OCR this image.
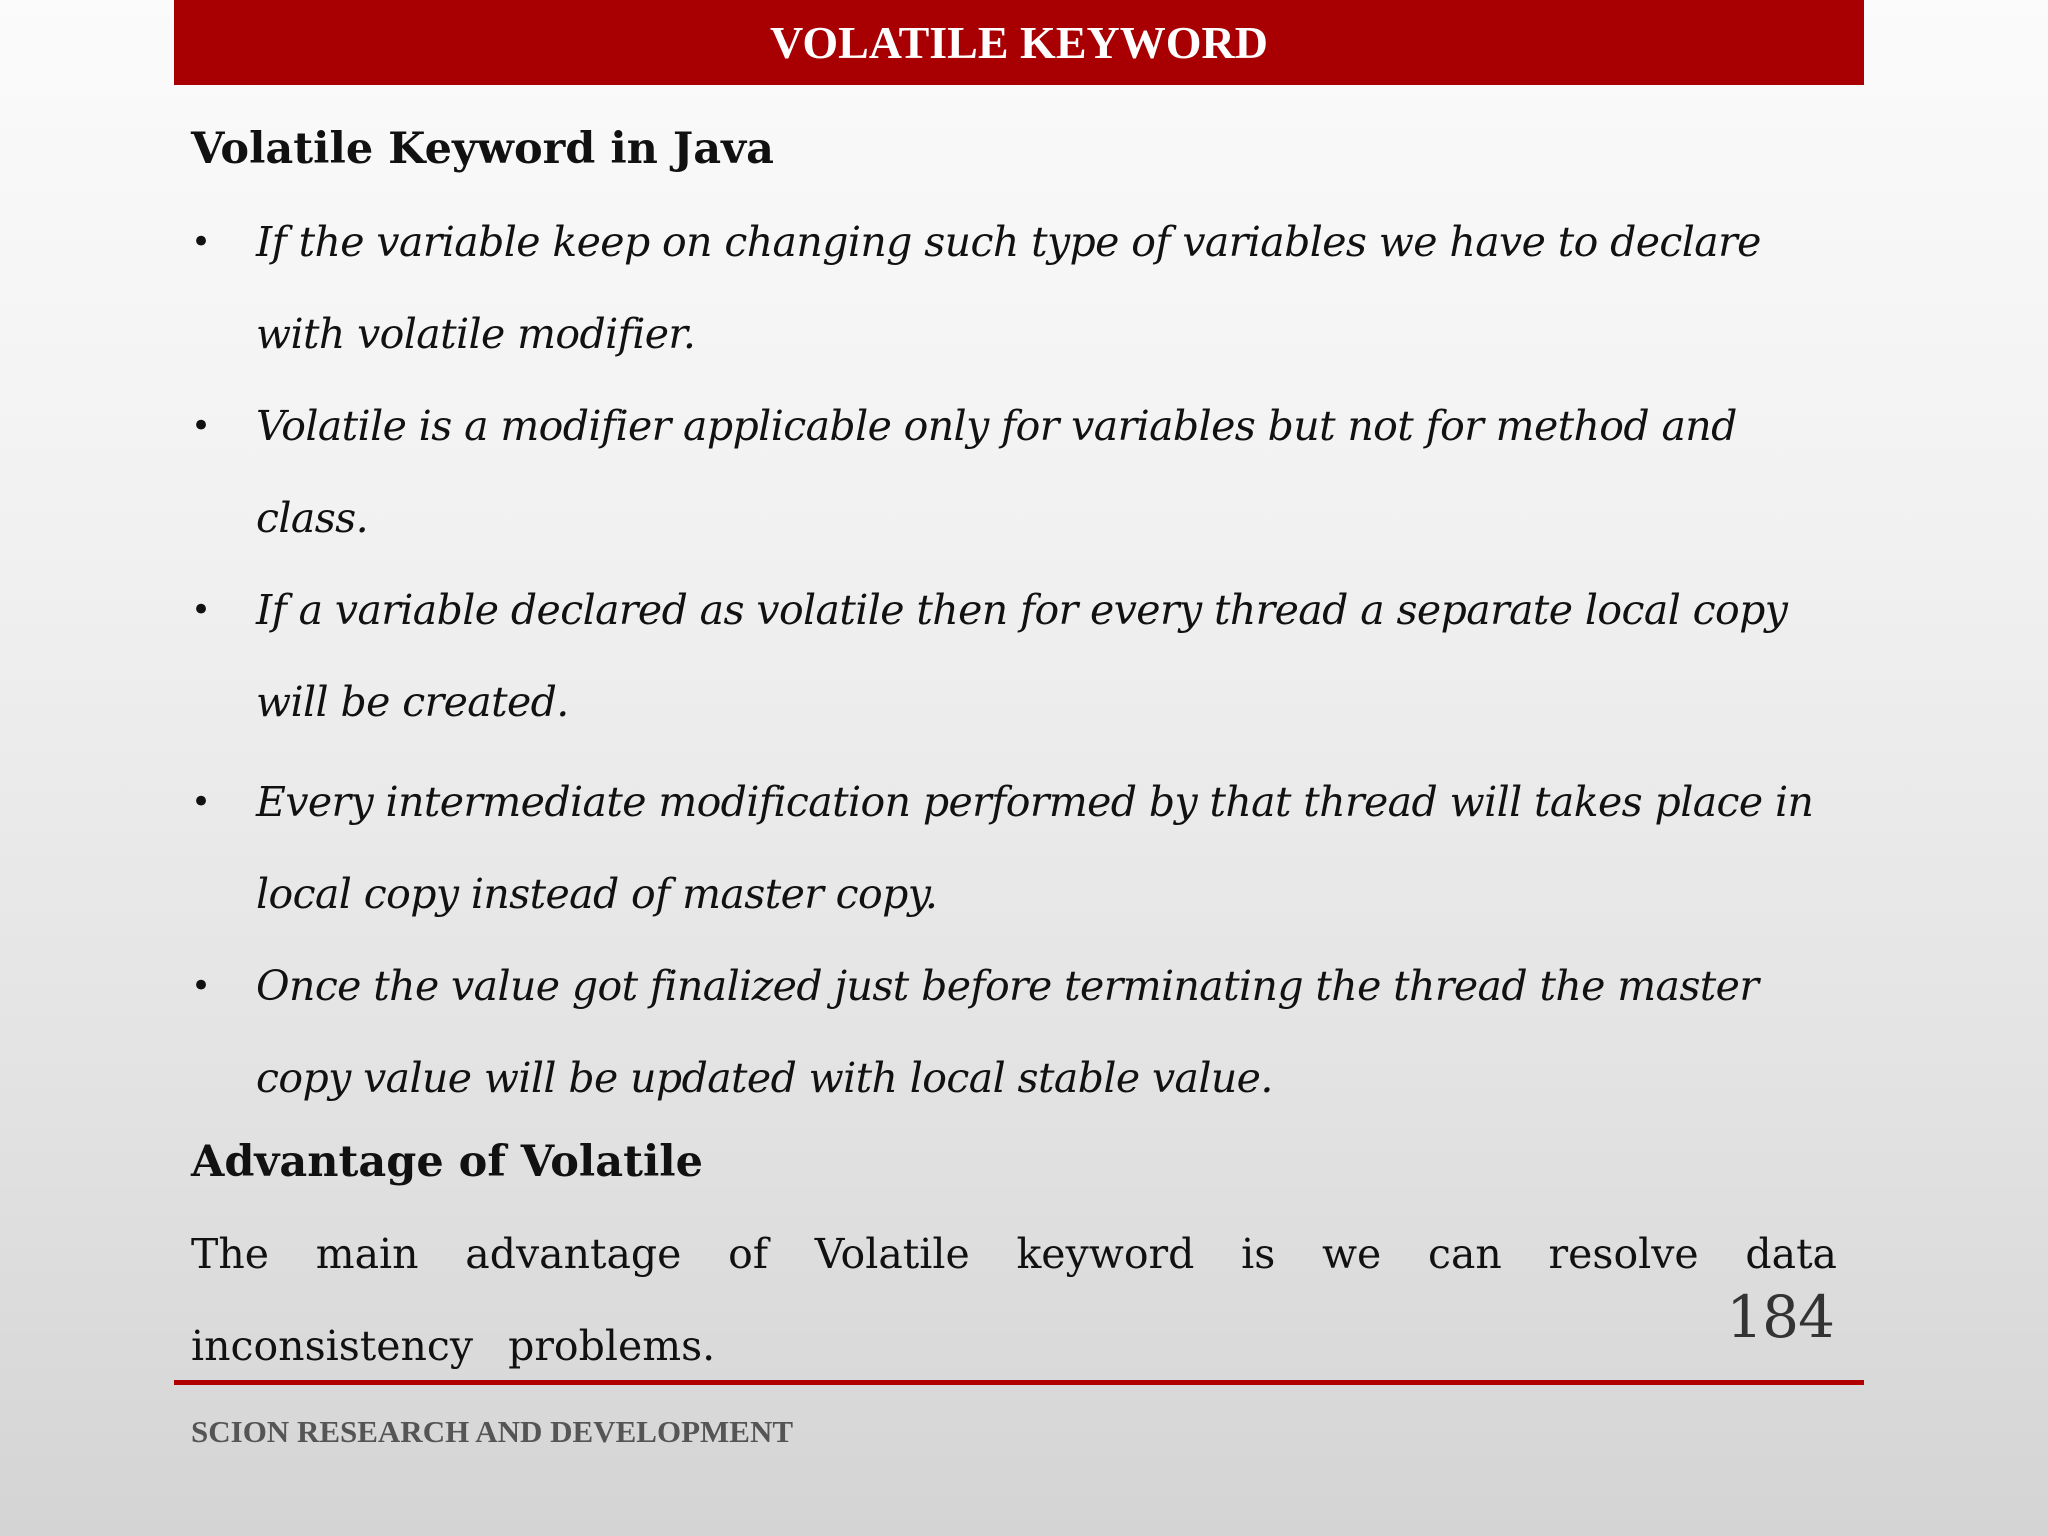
VOLATILE KEYWORD
Volatile Keyword in Java
• If the variable keep on changing such type of variables we have to declare with volatile modifier.
• Volatile is a modifier applicable only for variables but not for method and class.
• If a variable declared as volatile then for every thread a separate local copy will be created.
• Every intermediate modification performed by that thread will takes place in local copy instead of master copy.
• Once the value got finalized just before terminating the thread the master copy value will be updated with local stable value.
Advantage of Volatile

The main advantage of Volatile keyword is we can resolve data inconsistency problems.	184
SCION RESEARCH AND DEVELOPMENT
